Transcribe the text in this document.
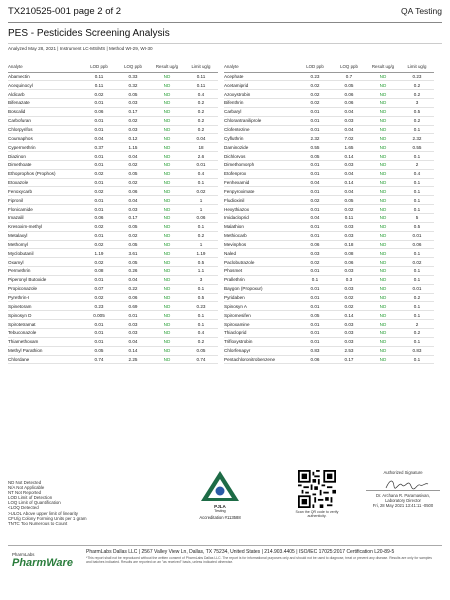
TX210525-001 page 2 of 2	QA Testing
PES - Pesticides Screening Analysis
Analyzed May 28, 2021 | Instrument LC-MS/MS | Method WI-29, WI-30
Analyte	LOD ppb	LOQ ppb	Result ug/g	Limit ug/g
Abamectin	0.11	0.33	ND	0.11
Acequinocyl	0.11	0.32	ND	0.11
Aldicarb	0.02	0.05	ND	0.4
Bifenazate	0.01	0.03	ND	0.2
Boscalid	0.06	0.17	ND	0.2
Carbofuran	0.01	0.02	ND	0.2
Chlorpyrifos	0.01	0.03	ND	0.2
Coumaphos	0.04	0.12	ND	0.04
Cypermethrin	0.37	1.15	ND	18
Diazinon	0.01	0.04	ND	2.6
Dimethoate	0.01	0.02	ND	0.01
Ethoprophos (Prophos)	0.02	0.05	ND	0.4
Etoxazole	0.01	0.02	ND	0.1
Fenoxycarb	0.02	0.06	ND	0.02
Fipronil	0.01	0.04	ND	1
Flonicamide	0.01	0.03	ND	1
Imazalil	0.06	0.17	ND	0.06
Kresoxim-methyl	0.02	0.05	ND	0.1
Metalaxyl	0.01	0.02	ND	0.2
Methomyl	0.02	0.05	ND	1
Myclobutanil	1.19	3.61	ND	1.19
Oxamyl	0.02	0.05	ND	0.5
Permethrin	0.08	0.26	ND	1.1
Piperonyl Butoxide	0.01	0.04	ND	3
Propiconazole	0.07	0.22	ND	0.1
Pyrethrin-I	0.02	0.06	ND	0.5
Spinetoram	0.23	0.69	ND	0.23
Spinosyn D	0.005	0.01	ND	0.1
Spirotetramat	0.01	0.03	ND	0.1
Tebuconazole	0.01	0.03	ND	0.4
Thiamethoxam	0.01	0.04	ND	0.2
Methyl Parathion	0.05	0.14	ND	0.05
Chlordane	0.74	2.25	ND	0.74
Analyte	LOD ppb	LOQ ppb	Result ug/g	Limit ug/g
Acephate	0.23	0.7	ND	0.23
Acetamiprid	0.02	0.05	ND	0.2
Azoxystrobin	0.02	0.06	ND	0.2
Bifenthrin	0.02	0.06	ND	3
Carbaryl	0.01	0.04	ND	0.5
Chlorantraniliprole	0.01	0.03	ND	0.2
Clofentezine	0.01	0.04	ND	0.1
Cyfluthrin	2.32	7.02	ND	2.32
Daminozide	0.55	1.65	ND	0.55
Dichlorvos	0.05	0.14	ND	0.1
Dimethomorph	0.01	0.03	ND	2
Etofenprox	0.01	0.04	ND	0.4
Fenhexamid	0.04	0.14	ND	0.1
Fenpyroximate	0.01	0.04	ND	0.1
Fludioxinil	0.02	0.05	ND	0.1
Hexythiazox	0.01	0.02	ND	0.1
Imidacloprid	0.04	0.11	ND	5
Malathion	0.01	0.03	ND	0.5
Methiocarb	0.01	0.03	ND	0.01
Mevinphos	0.06	0.18	ND	0.06
Naled	0.03	0.08	ND	0.1
Paclobutrazole	0.02	0.06	ND	0.02
Phosmet	0.01	0.03	ND	0.1
Prallethrin	0.1	0.3	ND	0.1
Baygon (Propoxur)	0.01	0.03	ND	0.01
Pyridaben	0.01	0.02	ND	0.2
Spinosyn A	0.01	0.02	ND	0.1
Spiromesifen	0.05	0.14	ND	0.1
Spiroxamine	0.01	0.03	ND	2
Thiacloprid	0.01	0.03	ND	0.2
Trifloxystrobin	0.01	0.03	ND	0.1
Chlorfenapyr	0.83	2.53	ND	0.83
Pentachloronitrobenzene	0.06	0.17	ND	0.1
ND Not Detected
N/A Not Applicable
NT Not Reported
LOD Limit of Detection
LOQ Limit of Quantification
<LOQ Detected
>ULOL Above upper limit of linearity
CFU/g Colony Forming Units per 1 gram
TNTC Too Numerous to Count
PJLA
Testing
Accreditation #113588
Scan the QR code to verify authenticity.
Authorized Signature
Dr. Archana R. Paramasivan,
Laboratory Director
Fri, 28 May 2021 13:41:11 -0500
PharmLabs
PharmWare
PharmLabs Dallas LLC | 2567 Valley View Ln, Dallas, TX 75234, United States | 214.903.4405 | ISO/IEC 17025:2017 Certification L20-89-5
*This report shall not be reproduced without the written consent of PharmLabs Dallas LLC. The report is for informational purposes only and should not be used to diagnose, treat or prevent any disease. Results are only for samples and batches indicated. Results are reported on an "as received" basis, unless indicated otherwise.
